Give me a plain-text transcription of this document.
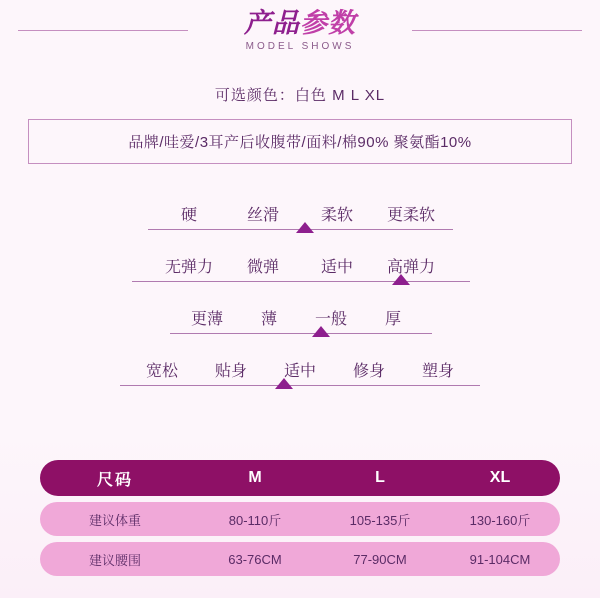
产品参数
MODEL SHOWS
可选颜色：白色 M L XL
品牌/哇爱/3耳产后收腹带/面料/棉90% 聚氨酯10%
硬	丝滑	柔软	更柔软
无弹力	微弹	适中	高弹力
更薄	薄	一般	厚
宽松	贴身	适中	修身	塑身
尺码	M	L	XL
建议体重	80-110斤	105-135斤	130-160斤
建议腰围	63-76CM	77-90CM	91-104CM
